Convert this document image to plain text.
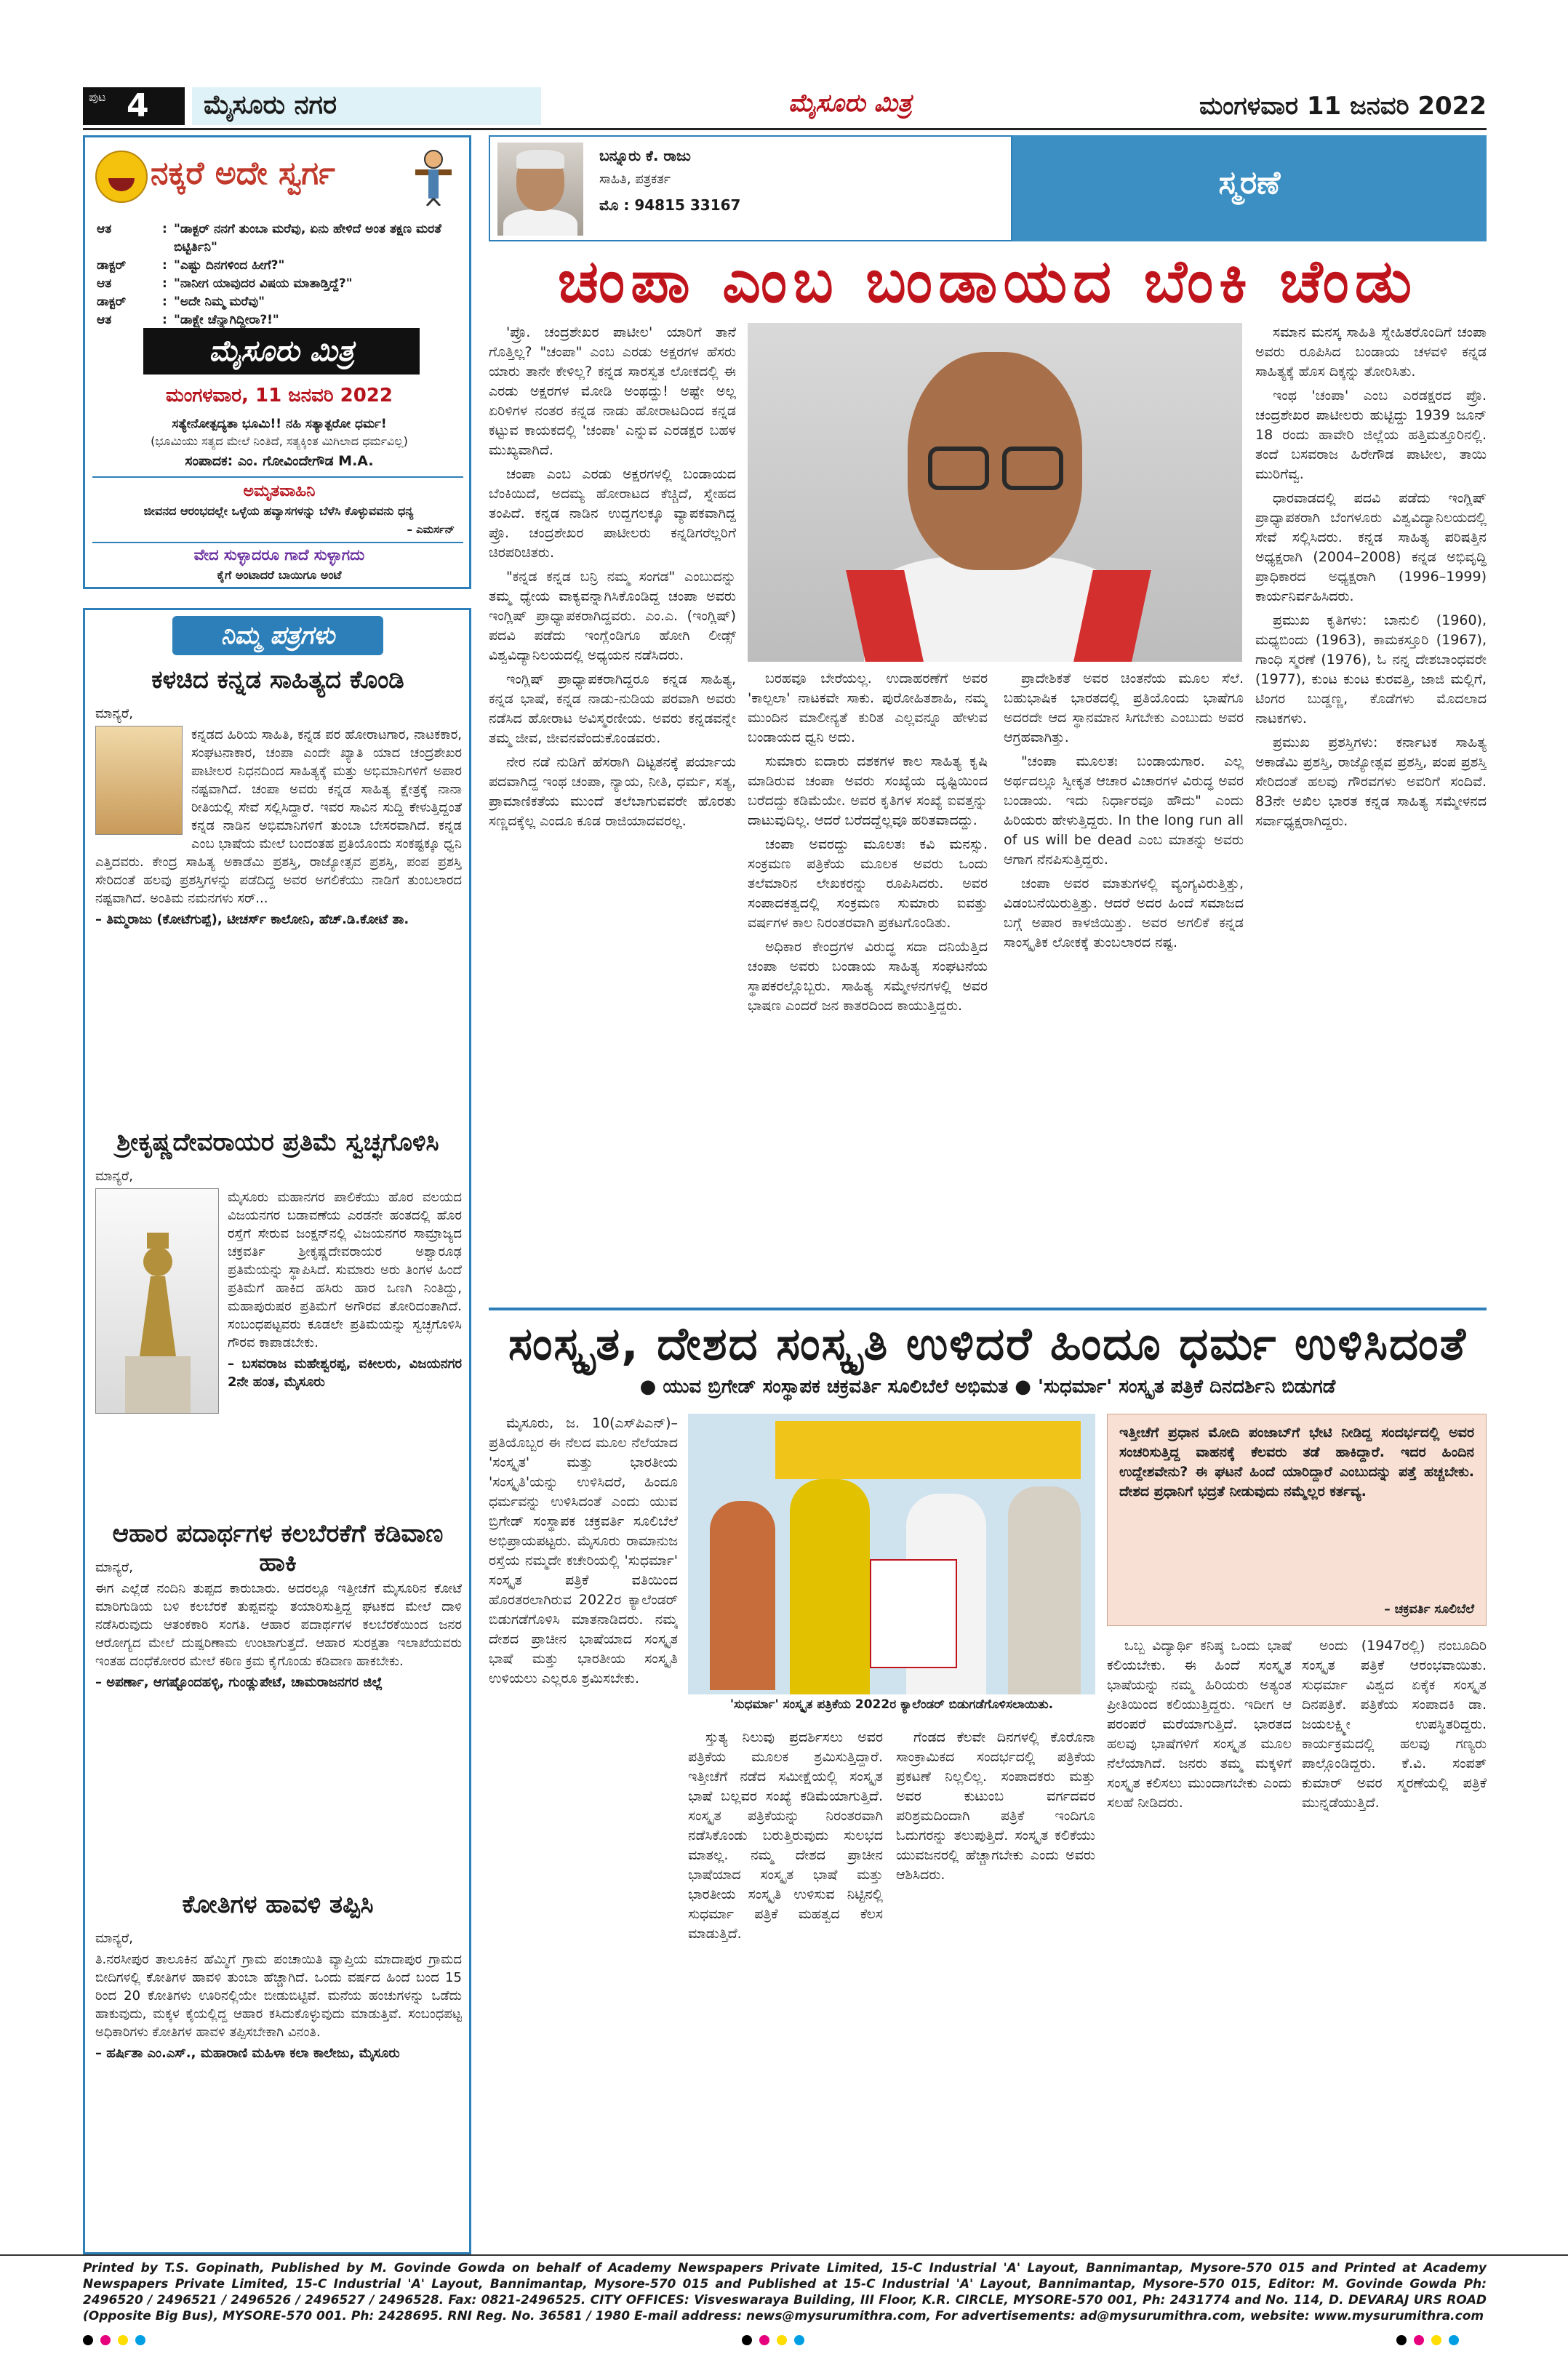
ಪುಟ 4	ಮೈಸೂರು ನಗರ	ಮೈಸೂರು ಮಿತ್ರ	ಮಂಗಳವಾರ 11 ಜನವರಿ 2022
ನಕ್ಕರೆ ಅದೇ ಸ್ವರ್ಗ
ಆತ	: "ಡಾಕ್ಟರ್ ನನಗೆ ತುಂಬಾ ಮರೆವು, ಏನು ಹೇಳಿದೆ ಅಂತ ತಕ್ಷಣ ಮರತೆ ಬಿಟ್ಟಿರ್ತಿನಿ"
ಡಾಕ್ಟರ್	: "ಎಷ್ಟು ದಿನಗಳಿಂದ ಹೀಗೆ?"
ಆತ	: "ನಾನೀಗ ಯಾವುದರ ವಿಷಯ ಮಾತಾಡ್ತಿದ್ದೆ?"
ಡಾಕ್ಟರ್	: "ಅದೇ ನಿಮ್ಮ ಮರೆವು"
ಆತ	: "ಡಾಕ್ಟ್ರೇ ಚೆನ್ನಾಗಿದ್ದೀರಾ?!"
ಮೈಸೂರು ಮಿತ್ರ
ಮಂಗಳವಾರ, 11 ಜನವರಿ 2022
ಸತ್ಯೇನೋತ್ಪದ್ಯತಾ ಭೂಮಿ!! ನಹಿ ಸತ್ಯಾತ್ಪರೋ ಧರ್ಮ!
(ಭೂಮಿಯು ಸತ್ಯದ ಮೇಲೆ ನಿಂತಿದೆ, ಸತ್ಯಕ್ಕಿಂತ ಮಿಗಿಲಾದ ಧರ್ಮವಿಲ್ಲ)
ಸಂಪಾದಕ: ಎಂ. ಗೋವಿಂದೇಗೌಡ M.A.
ಅಮೃತವಾಹಿನಿ
ಜೀವನದ ಆರಂಭದಲ್ಲೇ ಒಳ್ಳೆಯ ಹವ್ಯಾಸಗಳನ್ನು ಬೆಳೆಸಿ ಕೊಳ್ಳುವವನು ಧನ್ಯ
– ಎಮರ್ಸನ್
ವೇದ ಸುಳ್ಳಾದರೂ ಗಾದೆ ಸುಳ್ಳಾಗದು
ಕೈಗೆ ಅಂಟಾದರೆ ಬಾಯಿಗೂ ಅಂಟೆ
ನಿಮ್ಮ ಪತ್ರಗಳು
ಕಳಚಿದ ಕನ್ನಡ ಸಾಹಿತ್ಯದ ಕೊಂಡಿ

ಮಾನ್ಯರೆ,

ಕನ್ನಡದ ಹಿರಿಯ ಸಾಹಿತಿ, ಕನ್ನಡ ಪರ ಹೋರಾಟಗಾರ, ನಾಟಕಕಾರ, ಸಂಘಟನಾಕಾರ, ಚಂಪಾ ಎಂದೇ ಖ್ಯಾತಿ ಯಾದ ಚಂದ್ರಶೇಖರ ಪಾಟೀಲರ ನಿಧನದಿಂದ ಸಾಹಿತ್ಯಕ್ಕೆ ಮತ್ತು ಅಭಿಮಾನಿಗಳಿಗೆ ಅಪಾರ ನಷ್ಟವಾಗಿದೆ. ಚಂಪಾ ಅವರು ಕನ್ನಡ ಸಾಹಿತ್ಯ ಕ್ಷೇತ್ರಕ್ಕೆ ನಾನಾ ರೀತಿಯಲ್ಲಿ ಸೇವೆ ಸಲ್ಲಿಸಿದ್ದಾರೆ. ಇವರ ಸಾವಿನ ಸುದ್ದಿ ಕೇಳುತ್ತಿದ್ದಂತೆ ಕನ್ನಡ ನಾಡಿನ ಅಭಿಮಾನಿಗಳಿಗೆ ತುಂಬಾ ಬೇಸರವಾಗಿದೆ. ಕನ್ನಡ ಎಂಬ ಭಾಷೆಯ ಮೇಲೆ ಬಂದಂತಹ ಪ್ರತಿಯೊಂದು ಸಂಕಷ್ಟಕ್ಕೂ ಧ್ವನಿ ಎತ್ತಿದವರು. ಕೇಂದ್ರ ಸಾಹಿತ್ಯ ಅಕಾಡೆಮಿ ಪ್ರಶಸ್ತಿ, ರಾಜ್ಯೋತ್ಸವ ಪ್ರಶಸ್ತಿ, ಪಂಪ ಪ್ರಶಸ್ತಿ ಸೇರಿದಂತೆ ಹಲವು ಪ್ರಶಸ್ತಿಗಳನ್ನು ಪಡೆದಿದ್ದ ಅವರ ಅಗಲಿಕೆಯು ನಾಡಿಗೆ ತುಂಬಲಾರದ ನಷ್ಟವಾಗಿದೆ. ಅಂತಿಮ ನಮನಗಳು ಸರ್...

– ತಿಮ್ಮರಾಜು (ಕೋಟೆಗುಪ್ಪೆ), ಟೀಚರ್ಸ್ ಕಾಲೋನಿ, ಹೆಚ್.ಡಿ.ಕೋಟೆ ತಾ.

ಶ್ರೀಕೃಷ್ಣದೇವರಾಯರ ಪ್ರತಿಮೆ ಸ್ವಚ್ಛಗೊಳಿಸಿ

ಮಾನ್ಯರೆ,

ಮೈಸೂರು ಮಹಾನಗರ ಪಾಲಿಕೆಯು ಹೊರ ವಲಯದ ವಿಜಯನಗರ ಬಡಾವಣೆಯ ಎರಡನೇ ಹಂತದಲ್ಲಿ ಹೊರ ರಸ್ತೆಗೆ ಸೇರುವ ಜಂಕ್ಷನ್‌ನಲ್ಲಿ ವಿಜಯನಗರ ಸಾಮ್ರಾಜ್ಯದ ಚಕ್ರವರ್ತಿ ಶ್ರೀಕೃಷ್ಣದೇವರಾಯರ ಅಶ್ವಾರೂಢ ಪ್ರತಿಮೆಯನ್ನು ಸ್ಥಾಪಿಸಿದೆ. ಸುಮಾರು ಅರು ತಿಂಗಳ ಹಿಂದೆ ಪ್ರತಿಮೆಗೆ ಹಾಕಿದ ಹಸಿರು ಹಾರ ಒಣಗಿ ನಿಂತಿದ್ದು, ಮಹಾಪುರುಷರ ಪ್ರತಿಮೆಗೆ ಅಗೌರವ ತೋರಿದಂತಾಗಿದೆ. ಸಂಬಂಧಪಟ್ಟವರು ಕೂಡಲೇ ಪ್ರತಿಮೆಯನ್ನು ಸ್ವಚ್ಛಗೊಳಿಸಿ ಗೌರವ ಕಾಪಾಡಬೇಕು.

– ಬಸವರಾಜ ಮಹೇಶ್ವರಪ್ಪ, ವಕೀಲರು, ವಿಜಯನಗರ 2ನೇ ಹಂತ, ಮೈಸೂರು

ಆಹಾರ ಪದಾರ್ಥಗಳ ಕಲಬೆರಕೆಗೆ ಕಡಿವಾಣ ಹಾಕಿ

ಮಾನ್ಯರೆ,

ಈಗ ಎಲ್ಲೆಡೆ ನಂದಿನಿ ತುಪ್ಪದ ಕಾರುಬಾರು. ಅದರಲ್ಲೂ ಇತ್ತೀಚೆಗೆ ಮೈಸೂರಿನ ಕೋಟೆ ಮಾರಿಗುಡಿಯ ಬಳಿ ಕಲಬೆರಕೆ ತುಪ್ಪವನ್ನು ತಯಾರಿಸುತ್ತಿದ್ದ ಘಟಕದ ಮೇಲೆ ದಾಳಿ ನಡೆಸಿರುವುದು ಆತಂಕಕಾರಿ ಸಂಗತಿ. ಆಹಾರ ಪದಾರ್ಥಗಳ ಕಲಬೆರಕೆಯಿಂದ ಜನರ ಆರೋಗ್ಯದ ಮೇಲೆ ದುಷ್ಪರಿಣಾಮ ಉಂಟಾಗುತ್ತದೆ. ಆಹಾರ ಸುರಕ್ಷತಾ ಇಲಾಖೆಯವರು ಇಂತಹ ದಂಧೆಕೋರರ ಮೇಲೆ ಕಠಿಣ ಕ್ರಮ ಕೈಗೊಂಡು ಕಡಿವಾಣ ಹಾಕಬೇಕು.

– ಅಪರ್ಣಾ, ಆಗಷ್ಟೊಂದಹಳ್ಳಿ, ಗುಂಡ್ಲುಪೇಟೆ, ಚಾಮರಾಜನಗರ ಜಿಲ್ಲೆ

ಕೋತಿಗಳ ಹಾವಳಿ ತಪ್ಪಿಸಿ

ಮಾನ್ಯರೆ,

ತಿ.ನರಸೀಪುರ ತಾಲೂಕಿನ ಹೆಮ್ಮಿಗೆ ಗ್ರಾಮ ಪಂಚಾಯಿತಿ ವ್ಯಾಪ್ತಿಯ ಮಾದಾಪುರ ಗ್ರಾಮದ ಬೀದಿಗಳಲ್ಲಿ ಕೋತಿಗಳ ಹಾವಳಿ ತುಂಬಾ ಹೆಚ್ಚಾಗಿದೆ. ಒಂದು ವರ್ಷದ ಹಿಂದೆ ಬಂದ 15 ರಿಂದ 20 ಕೋತಿಗಳು ಊರಿನಲ್ಲಿಯೇ ಬೀಡುಬಿಟ್ಟಿವೆ. ಮನೆಯ ಹಂಚುಗಳನ್ನು ಒಡೆದು ಹಾಕುವುದು, ಮಕ್ಕಳ ಕೈಯಲ್ಲಿದ್ದ ಆಹಾರ ಕಸಿದುಕೊಳ್ಳುವುದು ಮಾಡುತ್ತಿವೆ. ಸಂಬಂಧಪಟ್ಟ ಅಧಿಕಾರಿಗಳು ಕೋತಿಗಳ ಹಾವಳಿ ತಪ್ಪಿಸಬೇಕಾಗಿ ವಿನಂತಿ.

– ಹರ್ಷಿತಾ ಎಂ.ಎಸ್., ಮಹಾರಾಣಿ ಮಹಿಳಾ ಕಲಾ ಕಾಲೇಜು, ಮೈಸೂರು

ಬನ್ನೂರು ಕೆ. ರಾಜು
ಸಾಹಿತಿ, ಪತ್ರಕರ್ತ
ಮೊ : 94815 33167
ಸ್ಮರಣೆ
ಚಂಪಾ ಎಂಬ ಬಂಡಾಯದ ಬೆಂಕಿ ಚೆಂಡು

'ಪ್ರೊ. ಚಂದ್ರಶೇಖರ ಪಾಟೀಲ' ಯಾರಿಗೆ ತಾನೆ ಗೊತ್ತಿಲ್ಲ? "ಚಂಪಾ" ಎಂಬ ಎರಡು ಅಕ್ಷರಗಳ ಹೆಸರು ಯಾರು ತಾನೇ ಕೇಳಿಲ್ಲ? ಕನ್ನಡ ಸಾರಸ್ವತ ಲೋಕದಲ್ಲಿ ಈ ಎರಡು ಅಕ್ಷರಗಳ ಮೋಡಿ ಅಂಥದ್ದು! ಅಷ್ಟೇ ಅಲ್ಲ ಏರಿಳಿಗಳ ನಂತರ ಕನ್ನಡ ನಾಡು ಹೋರಾಟದಿಂದ ಕನ್ನಡ ಕಟ್ಟುವ ಕಾಯಕದಲ್ಲಿ 'ಚಂಪಾ' ಎನ್ನುವ ಎರಡಕ್ಷರ ಬಹಳ ಮುಖ್ಯವಾಗಿದೆ.

ಚಂಪಾ ಎಂಬ ಎರಡು ಅಕ್ಷರಗಳಲ್ಲಿ ಬಂಡಾಯದ ಬೆಂಕಿಯಿದೆ, ಅದಮ್ಯ ಹೋರಾಟದ ಕೆಚ್ಚಿದೆ, ಸ್ನೇಹದ ತಂಪಿದೆ. ಕನ್ನಡ ನಾಡಿನ ಉದ್ದಗಲಕ್ಕೂ ವ್ಯಾಪಕವಾಗಿದ್ದ ಪ್ರೊ. ಚಂದ್ರಶೇಖರ ಪಾಟೀಲರು ಕನ್ನಡಿಗರೆಲ್ಲರಿಗೆ ಚಿರಪರಿಚಿತರು.

"ಕನ್ನಡ ಕನ್ನಡ ಬನ್ರಿ ನಮ್ಮ ಸಂಗಡ" ಎಂಬುದನ್ನು ತಮ್ಮ ಧ್ಯೇಯ ವಾಕ್ಯವನ್ನಾಗಿಸಿಕೊಂಡಿದ್ದ ಚಂಪಾ ಅವರು ಇಂಗ್ಲಿಷ್ ಪ್ರಾಧ್ಯಾಪಕರಾಗಿದ್ದವರು. ಎಂ.ಎ. (ಇಂಗ್ಲಿಷ್) ಪದವಿ ಪಡೆದು ಇಂಗ್ಲೆಂಡಿಗೂ ಹೋಗಿ ಲೀಡ್ಸ್ ವಿಶ್ವವಿದ್ಯಾನಿಲಯದಲ್ಲಿ ಅಧ್ಯಯನ ನಡೆಸಿದರು.

ಇಂಗ್ಲಿಷ್ ಪ್ರಾಧ್ಯಾಪಕರಾಗಿದ್ದರೂ ಕನ್ನಡ ಸಾಹಿತ್ಯ, ಕನ್ನಡ ಭಾಷೆ, ಕನ್ನಡ ನಾಡು-ನುಡಿಯ ಪರವಾಗಿ ಅವರು ನಡೆಸಿದ ಹೋರಾಟ ಅವಿಸ್ಮರಣೀಯ. ಅವರು ಕನ್ನಡವನ್ನೇ ತಮ್ಮ ಜೀವ, ಜೀವನವೆಂದುಕೊಂಡವರು.

ನೇರ ನಡೆ ನುಡಿಗೆ ಹೆಸರಾಗಿ ದಿಟ್ಟತನಕ್ಕೆ ಪರ್ಯಾಯ ಪದವಾಗಿದ್ದ ಇಂಥ ಚಂಪಾ, ನ್ಯಾಯ, ನೀತಿ, ಧರ್ಮ, ಸತ್ಯ, ಪ್ರಾಮಾಣಿಕತೆಯ ಮುಂದೆ ತಲೆಬಾಗುವವರೇ ಹೊರತು ಸಣ್ಣದಕ್ಕೆಲ್ಲ ಎಂದೂ ಕೂಡ ರಾಜಿಯಾದವರಲ್ಲ.

ಬರಹವೂ ಬೇರೆಯಲ್ಲ. ಉದಾಹರಣೆಗೆ ಅವರ 'ಕಾಲ್ಪಲಾ' ನಾಟಕವೇ ಸಾಕು. ಪುರೋಹಿತಶಾಹಿ, ನಮ್ಮ ಮುಂದಿನ ಮಾಲೀನ್ಯತೆ ಕುರಿತ ಎಲ್ಲವನ್ನೂ ಹೇಳುವ ಬಂಡಾಯದ ಧ್ವನಿ ಅದು.

ಸುಮಾರು ಐದಾರು ದಶಕಗಳ ಕಾಲ ಸಾಹಿತ್ಯ ಕೃಷಿ ಮಾಡಿರುವ ಚಂಪಾ ಅವರು ಸಂಖ್ಯೆಯ ದೃಷ್ಟಿಯಿಂದ ಬರೆದದ್ದು ಕಡಿಮೆಯೇ. ಅವರ ಕೃತಿಗಳ ಸಂಖ್ಯೆ ಐವತ್ತನ್ನು ದಾಟುವುದಿಲ್ಲ. ಆದರೆ ಬರೆದದ್ದೆಲ್ಲವೂ ಹರಿತವಾದದ್ದು.

ಚಂಪಾ ಅವರದ್ದು ಮೂಲತಃ ಕವಿ ಮನಸ್ಸು. ಸಂಕ್ರಮಣ ಪತ್ರಿಕೆಯ ಮೂಲಕ ಅವರು ಒಂದು ತಲೆಮಾರಿನ ಲೇಖಕರನ್ನು ರೂಪಿಸಿದರು. ಅವರ ಸಂಪಾದಕತ್ವದಲ್ಲಿ ಸಂಕ್ರಮಣ ಸುಮಾರು ಐವತ್ತು ವರ್ಷಗಳ ಕಾಲ ನಿರಂತರವಾಗಿ ಪ್ರಕಟಗೊಂಡಿತು.

ಅಧಿಕಾರ ಕೇಂದ್ರಗಳ ವಿರುದ್ಧ ಸದಾ ದನಿಯೆತ್ತಿದ ಚಂಪಾ ಅವರು ಬಂಡಾಯ ಸಾಹಿತ್ಯ ಸಂಘಟನೆಯ ಸ್ಥಾಪಕರಲ್ಲೊಬ್ಬರು. ಸಾಹಿತ್ಯ ಸಮ್ಮೇಳನಗಳಲ್ಲಿ ಅವರ ಭಾಷಣ ಎಂದರೆ ಜನ ಕಾತರದಿಂದ ಕಾಯುತ್ತಿದ್ದರು.

ಪ್ರಾದೇಶಿಕತೆ ಅವರ ಚಿಂತನೆಯ ಮೂಲ ಸೆಲೆ. ಬಹುಭಾಷಿಕ ಭಾರತದಲ್ಲಿ ಪ್ರತಿಯೊಂದು ಭಾಷೆಗೂ ಅದರದೇ ಆದ ಸ್ಥಾನಮಾನ ಸಿಗಬೇಕು ಎಂಬುದು ಅವರ ಆಗ್ರಹವಾಗಿತ್ತು.

"ಚಂಪಾ ಮೂಲತಃ ಬಂಡಾಯಗಾರ. ಎಲ್ಲ ಅರ್ಥದಲ್ಲೂ ಸ್ವೀಕೃತ ಆಚಾರ ವಿಚಾರಗಳ ವಿರುದ್ಧ ಅವರ ಬಂಡಾಯ. ಇದು ನಿರ್ಧಾರವೂ ಹೌದು" ಎಂದು ಹಿರಿಯರು ಹೇಳುತ್ತಿದ್ದರು. In the long run all of us will be dead ಎಂಬ ಮಾತನ್ನು ಅವರು ಆಗಾಗ ನೆನಪಿಸುತ್ತಿದ್ದರು.

ಚಂಪಾ ಅವರ ಮಾತುಗಳಲ್ಲಿ ವ್ಯಂಗ್ಯವಿರುತ್ತಿತ್ತು, ವಿಡಂಬನೆಯಿರುತ್ತಿತ್ತು. ಆದರೆ ಅದರ ಹಿಂದೆ ಸಮಾಜದ ಬಗ್ಗೆ ಅಪಾರ ಕಾಳಜಿಯಿತ್ತು. ಅವರ ಅಗಲಿಕೆ ಕನ್ನಡ ಸಾಂಸ್ಕೃತಿಕ ಲೋಕಕ್ಕೆ ತುಂಬಲಾರದ ನಷ್ಟ.

ಸಮಾನ ಮನಸ್ಕ ಸಾಹಿತಿ ಸ್ನೇಹಿತರೊಂದಿಗೆ ಚಂಪಾ ಅವರು ರೂಪಿಸಿದ ಬಂಡಾಯ ಚಳವಳಿ ಕನ್ನಡ ಸಾಹಿತ್ಯಕ್ಕೆ ಹೊಸ ದಿಕ್ಕನ್ನು ತೋರಿಸಿತು.

ಇಂಥ 'ಚಂಪಾ' ಎಂಬ ಎರಡಕ್ಷರದ ಪ್ರೊ. ಚಂದ್ರಶೇಖರ ಪಾಟೀಲರು ಹುಟ್ಟಿದ್ದು 1939 ಜೂನ್ 18 ರಂದು ಹಾವೇರಿ ಜಿಲ್ಲೆಯ ಹತ್ತಿಮತ್ತೂರಿನಲ್ಲಿ. ತಂದೆ ಬಸವರಾಜ ಹಿರೇಗೌಡ ಪಾಟೀಲ, ತಾಯಿ ಮುರಿಗೆವ್ವ.

ಧಾರವಾಡದಲ್ಲಿ ಪದವಿ ಪಡೆದು ಇಂಗ್ಲಿಷ್ ಪ್ರಾಧ್ಯಾಪಕರಾಗಿ ಬೆಂಗಳೂರು ವಿಶ್ವವಿದ್ಯಾನಿಲಯದಲ್ಲಿ ಸೇವೆ ಸಲ್ಲಿಸಿದರು. ಕನ್ನಡ ಸಾಹಿತ್ಯ ಪರಿಷತ್ತಿನ ಅಧ್ಯಕ್ಷರಾಗಿ (2004–2008) ಕನ್ನಡ ಅಭಿವೃದ್ಧಿ ಪ್ರಾಧಿಕಾರದ ಅಧ್ಯಕ್ಷರಾಗಿ (1996–1999) ಕಾರ್ಯನಿರ್ವಹಿಸಿದರು.

ಪ್ರಮುಖ ಕೃತಿಗಳು: ಬಾನುಲಿ (1960), ಮಧ್ಯಬಿಂದು (1963), ಕಾಮಕಸ್ತೂರಿ (1967), ಗಾಂಧಿ ಸ್ಮರಣೆ (1976), ಓ ನನ್ನ ದೇಶಬಾಂಧವರೇ (1977), ಕುಂಟ ಕುಂಟ ಕುರವತ್ತಿ, ಜಾಜಿ ಮಲ್ಲಿಗೆ, ಟಿಂಗರ ಬುಡ್ಡಣ್ಣ, ಕೊಡೆಗಳು ಮೊದಲಾದ ನಾಟಕಗಳು.

ಪ್ರಮುಖ ಪ್ರಶಸ್ತಿಗಳು: ಕರ್ನಾಟಕ ಸಾಹಿತ್ಯ ಅಕಾಡೆಮಿ ಪ್ರಶಸ್ತಿ, ರಾಜ್ಯೋತ್ಸವ ಪ್ರಶಸ್ತಿ, ಪಂಪ ಪ್ರಶಸ್ತಿ ಸೇರಿದಂತೆ ಹಲವು ಗೌರವಗಳು ಅವರಿಗೆ ಸಂದಿವೆ. 83ನೇ ಅಖಿಲ ಭಾರತ ಕನ್ನಡ ಸಾಹಿತ್ಯ ಸಮ್ಮೇಳನದ ಸರ್ವಾಧ್ಯಕ್ಷರಾಗಿದ್ದರು.

ಸಂಸ್ಕೃತ, ದೇಶದ ಸಂಸ್ಕೃತಿ ಉಳಿದರೆ ಹಿಂದೂ ಧರ್ಮ ಉಳಿಸಿದಂತೆ
● ಯುವ ಬ್ರಿಗೇಡ್ ಸಂಸ್ಥಾಪಕ ಚಕ್ರವರ್ತಿ ಸೂಲಿಬೆಲೆ ಅಭಿಮತ ● 'ಸುಧರ್ಮಾ' ಸಂಸ್ಕೃತ ಪತ್ರಿಕೆ ದಿನದರ್ಶಿನಿ ಬಿಡುಗಡೆ

ಮೈಸೂರು, ಜ. 10(ಎಸ್‌ಪಿಎನ್)– ಪ್ರತಿಯೊಬ್ಬರ ಈ ನೆಲದ ಮೂಲ ನೆಲೆಯಾದ 'ಸಂಸ್ಕೃತ' ಮತ್ತು ಭಾರತೀಯ 'ಸಂಸ್ಕೃತಿ'ಯನ್ನು ಉಳಿಸಿದರೆ, ಹಿಂದೂ ಧರ್ಮವನ್ನು ಉಳಿಸಿದಂತೆ ಎಂದು ಯುವ ಬ್ರಿಗೇಡ್ ಸಂಸ್ಥಾಪಕ ಚಕ್ರವರ್ತಿ ಸೂಲಿಬೆಲೆ ಅಭಿಪ್ರಾಯಪಟ್ಟರು. ಮೈಸೂರು ರಾಮಾನುಜ ರಸ್ತೆಯ ನಮ್ಮದೇ ಕಚೇರಿಯಲ್ಲಿ 'ಸುಧರ್ಮಾ' ಸಂಸ್ಕೃತ ಪತ್ರಿಕೆ ವತಿಯಿಂದ ಹೊರತರಲಾಗಿರುವ 2022ರ ಕ್ಯಾಲೆಂಡರ್ ಬಿಡುಗಡೆಗೊಳಿಸಿ ಮಾತನಾಡಿದರು. ನಮ್ಮ ದೇಶದ ಪ್ರಾಚೀನ ಭಾಷೆಯಾದ ಸಂಸ್ಕೃತ ಭಾಷೆ ಮತ್ತು ಭಾರತೀಯ ಸಂಸ್ಕೃತಿ ಉಳಿಯಲು ಎಲ್ಲರೂ ಶ್ರಮಿಸಬೇಕು.

'ಸುಧರ್ಮಾ' ಸಂಸ್ಕೃತ ಪತ್ರಿಕೆಯ 2022ರ ಕ್ಯಾಲೆಂಡರ್ ಬಿಡುಗಡೆಗೊಳಿಸಲಾಯಿತು.

ಸ್ತುತ್ಯ ನಿಲುವು ಪ್ರದರ್ಶಿಸಲು ಅವರ ಪತ್ರಿಕೆಯ ಮೂಲಕ ಶ್ರಮಿಸುತ್ತಿದ್ದಾರೆ. ಇತ್ತೀಚೆಗೆ ನಡೆದ ಸಮೀಕ್ಷೆಯಲ್ಲಿ ಸಂಸ್ಕೃತ ಭಾಷೆ ಬಲ್ಲವರ ಸಂಖ್ಯೆ ಕಡಿಮೆಯಾಗುತ್ತಿದೆ. ಸಂಸ್ಕೃತ ಪತ್ರಿಕೆಯನ್ನು ನಿರಂತರವಾಗಿ ನಡೆಸಿಕೊಂಡು ಬರುತ್ತಿರುವುದು ಸುಲಭದ ಮಾತಲ್ಲ. ನಮ್ಮ ದೇಶದ ಪ್ರಾಚೀನ ಭಾಷೆಯಾದ ಸಂಸ್ಕೃತ ಭಾಷೆ ಮತ್ತು ಭಾರತೀಯ ಸಂಸ್ಕೃತಿ ಉಳಿಸುವ ನಿಟ್ಟಿನಲ್ಲಿ ಸುಧರ್ಮಾ ಪತ್ರಿಕೆ ಮಹತ್ವದ ಕೆಲಸ ಮಾಡುತ್ತಿದೆ.

ಗೆಂಡದ ಕೆಲವೇ ದಿನಗಳಲ್ಲಿ ಕೊರೊನಾ ಸಾಂಕ್ರಾಮಿಕದ ಸಂದರ್ಭದಲ್ಲಿ ಪತ್ರಿಕೆಯ ಪ್ರಕಟಣೆ ನಿಲ್ಲಲಿಲ್ಲ. ಸಂಪಾದಕರು ಮತ್ತು ಅವರ ಕುಟುಂಬ ವರ್ಗದವರ ಪರಿಶ್ರಮದಿಂದಾಗಿ ಪತ್ರಿಕೆ ಇಂದಿಗೂ ಓದುಗರನ್ನು ತಲುಪುತ್ತಿದೆ. ಸಂಸ್ಕೃತ ಕಲಿಕೆಯು ಯುವಜನರಲ್ಲಿ ಹೆಚ್ಚಾಗಬೇಕು ಎಂದು ಅವರು ಆಶಿಸಿದರು.

ಇತ್ತೀಚೆಗೆ ಪ್ರಧಾನ ಮೋದಿ ಪಂಜಾಬ್‌ಗೆ ಭೇಟಿ ನೀಡಿದ್ದ ಸಂದರ್ಭದಲ್ಲಿ ಅವರ ಸಂಚರಿಸುತ್ತಿದ್ದ ವಾಹನಕ್ಕೆ ಕೆಲವರು ತಡೆ ಹಾಕಿದ್ದಾರೆ. ಇದರ ಹಿಂದಿನ ಉದ್ದೇಶವೇನು? ಈ ಘಟನೆ ಹಿಂದೆ ಯಾರಿದ್ದಾರೆ ಎಂಬುದನ್ನು ಪತ್ತೆ ಹಚ್ಚಬೇಕು. ದೇಶದ ಪ್ರಧಾನಿಗೆ ಭದ್ರತೆ ನೀಡುವುದು ನಮ್ಮೆಲ್ಲರ ಕರ್ತವ್ಯ.
– ಚಕ್ರವರ್ತಿ ಸೂಲಿಬೆಲೆ

ಒಬ್ಬ ವಿದ್ಯಾರ್ಥಿ ಕನಿಷ್ಠ ಒಂದು ಭಾಷೆ ಕಲಿಯಬೇಕು. ಈ ಹಿಂದೆ ಸಂಸ್ಕೃತ ಭಾಷೆಯನ್ನು ನಮ್ಮ ಹಿರಿಯರು ಅತ್ಯಂತ ಪ್ರೀತಿಯಿಂದ ಕಲಿಯುತ್ತಿದ್ದರು. ಇದೀಗ ಆ ಪರಂಪರೆ ಮರೆಯಾಗುತ್ತಿದೆ. ಭಾರತದ ಹಲವು ಭಾಷೆಗಳಿಗೆ ಸಂಸ್ಕೃತ ಮೂಲ ನೆಲೆಯಾಗಿದೆ. ಜನರು ತಮ್ಮ ಮಕ್ಕಳಿಗೆ ಸಂಸ್ಕೃತ ಕಲಿಸಲು ಮುಂದಾಗಬೇಕು ಎಂದು ಸಲಹೆ ನೀಡಿದರು.

ಅಂದು (1947ರಲ್ಲಿ) ನಂಬೂದಿರಿ ಸಂಸ್ಕೃತ ಪತ್ರಿಕೆ ಆರಂಭವಾಯಿತು. ಸುಧರ್ಮಾ ವಿಶ್ವದ ಏಕೈಕ ಸಂಸ್ಕೃತ ದಿನಪತ್ರಿಕೆ. ಪತ್ರಿಕೆಯ ಸಂಪಾದಕಿ ಡಾ. ಜಯಲಕ್ಷ್ಮೀ ಉಪಸ್ಥಿತರಿದ್ದರು. ಕಾರ್ಯಕ್ರಮದಲ್ಲಿ ಹಲವು ಗಣ್ಯರು ಪಾಲ್ಗೊಂಡಿದ್ದರು. ಕೆ.ವಿ. ಸಂಪತ್ ಕುಮಾರ್ ಅವರ ಸ್ಮರಣೆಯಲ್ಲಿ ಪತ್ರಿಕೆ ಮುನ್ನಡೆಯುತ್ತಿದೆ.

Printed by T.S. Gopinath, Published by M. Govinde Gowda on behalf of Academy Newspapers Private Limited, 15-C Industrial 'A' Layout, Bannimantap, Mysore-570 015 and Printed at Academy Newspapers Private Limited, 15-C Industrial 'A' Layout, Bannimantap, Mysore-570 015 and Published at 15-C Industrial 'A' Layout, Bannimantap, Mysore-570 015, Editor: M. Govinde Gowda Ph: 2496520 / 2496521 / 2496526 / 2496527 / 2496528. Fax: 0821-2496525. CITY OFFICES: Visveswaraya Building, III Floor, K.R. CIRCLE, MYSORE-570 001, Ph: 2431774 and No. 114, D. DEVARAJ URS ROAD (Opposite Big Bus), MYSORE-570 001. Ph: 2428695. RNI Reg. No. 36581 / 1980 E-mail address: news@mysurumithra.com, For advertisements: ad@mysurumithra.com, website: www.mysurumithra.com
